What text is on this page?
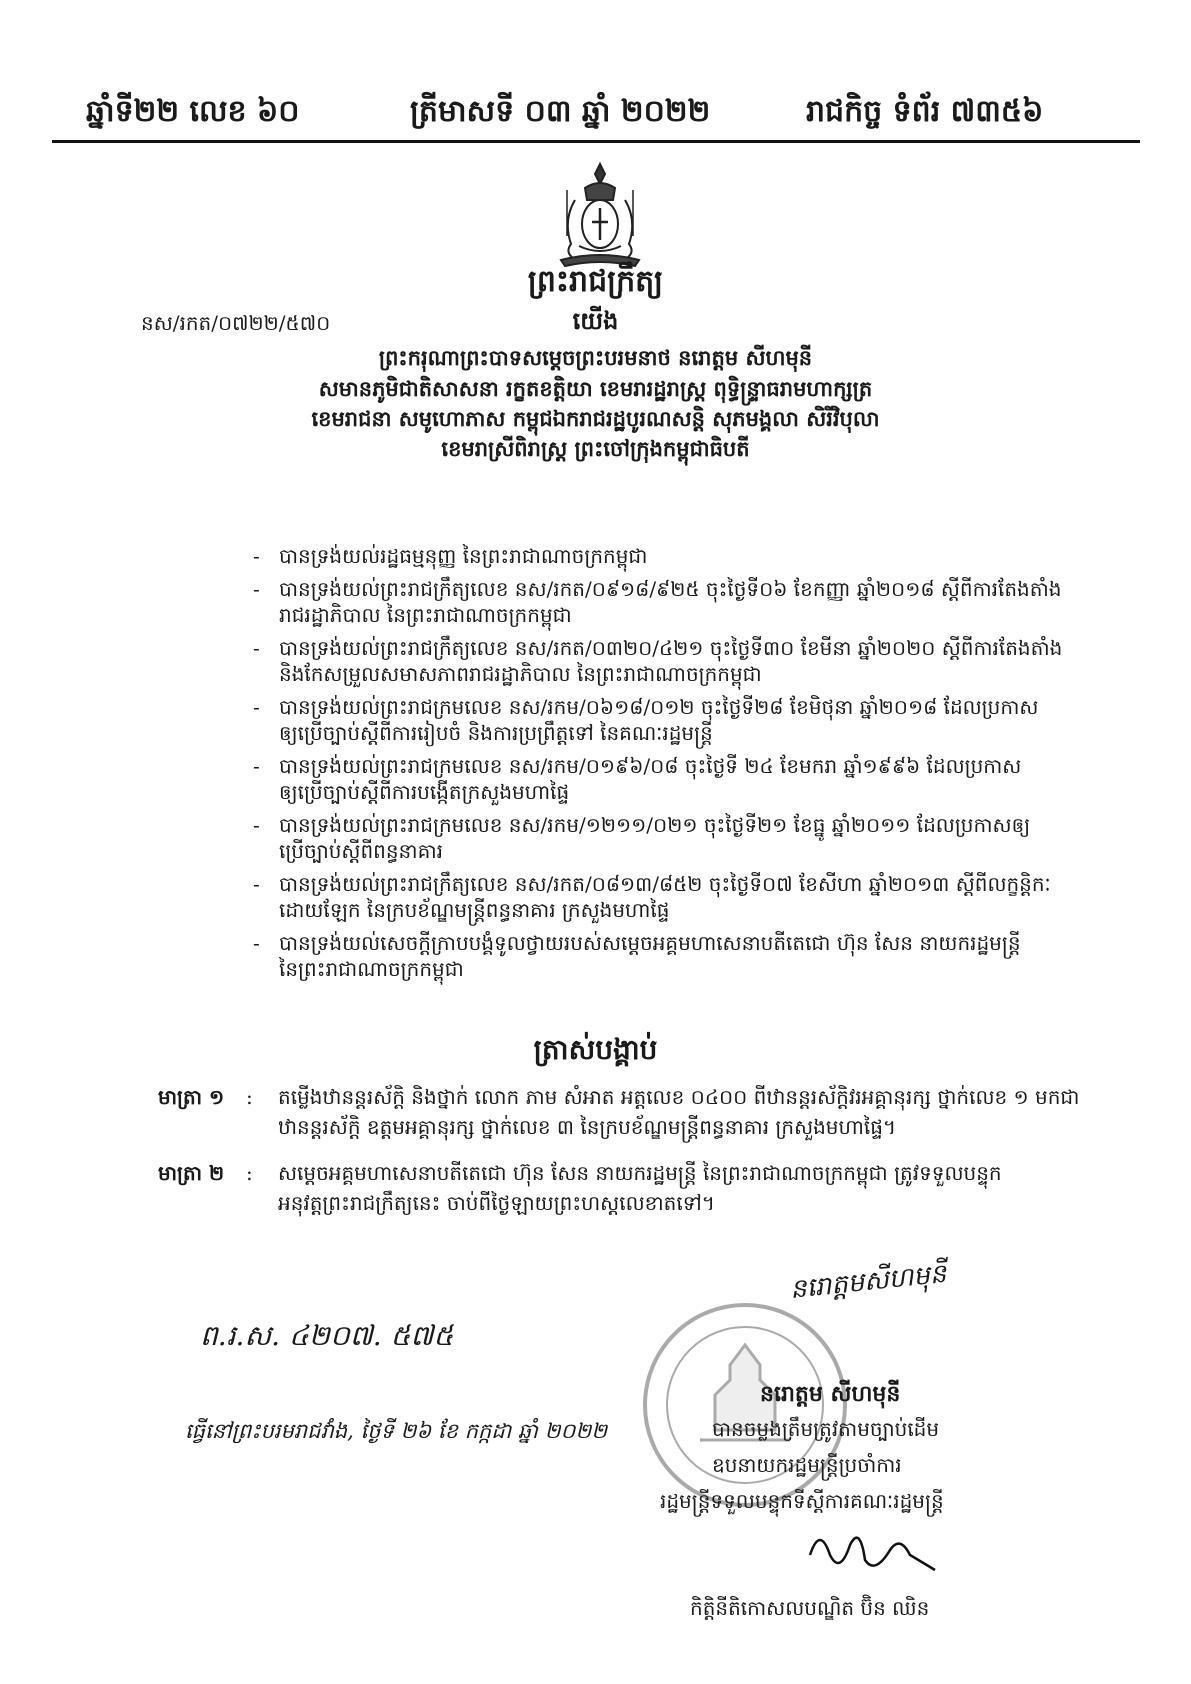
ឆ្នាំទី២២ លេខ ៦០	ត្រីមាសទី ០៣ ឆ្នាំ ២០២២	រាជកិច្ច ទំព័រ ៧៣៥៦
ព្រះរាជក្រឹត្យ
នស/រកត/០៧២២/៥៧០	យើង
ព្រះករុណាព្រះបាទសម្តេចព្រះបរមនាថ នរោត្តម សីហមុនី
សមានភូមិជាតិសាសនា រក្ខតខត្តិយា ខេមរារដ្ឋរាស្ត្រ ពុទ្ធិន្ទ្រាធរាមហាក្សត្រ
ខេមរាជនា សមូហោភាស កម្ពុជឯករាជរដ្ឋបូរណសន្តិ សុភមង្គលា សិរីវិបុលា
ខេមរាស្រីពិរាស្ត្រ ព្រះចៅក្រុងកម្ពុជាធិបតី
- បានទ្រង់យល់រដ្ឋធម្មនុញ្ញ នៃព្រះរាជាណាចក្រកម្ពុជា
- បានទ្រង់យល់ព្រះរាជក្រឹត្យលេខ នស/រកត/០៩១៨/៩២៥ ចុះថ្ងៃទី០៦ ខែកញ្ញា ឆ្នាំ២០១៨ ស្តីពីការតែងតាំង
រាជរដ្ឋាភិបាល នៃព្រះរាជាណាចក្រកម្ពុជា
- បានទ្រង់យល់ព្រះរាជក្រឹត្យលេខ នស/រកត/០៣២០/៤២១ ចុះថ្ងៃទី៣០ ខែមីនា ឆ្នាំ២០២០ ស្តីពីការតែងតាំង
និងកែសម្រួលសមាសភាពរាជរដ្ឋាភិបាល នៃព្រះរាជាណាចក្រកម្ពុជា
- បានទ្រង់យល់ព្រះរាជក្រមលេខ នស/រកម/០៦១៨/០១២ ចុះថ្ងៃទី២៨ ខែមិថុនា ឆ្នាំ២០១៨ ដែលប្រកាស
ឲ្យប្រើច្បាប់ស្តីពីការរៀបចំ និងការប្រព្រឹត្តទៅ នៃគណៈរដ្ឋមន្ត្រី
- បានទ្រង់យល់ព្រះរាជក្រមលេខ នស/រកម/០១៩៦/០៨ ចុះថ្ងៃទី ២៤ ខែមករា ឆ្នាំ១៩៩៦ ដែលប្រកាស
ឲ្យប្រើច្បាប់ស្តីពីការបង្កើតក្រសួងមហាផ្ទៃ
- បានទ្រង់យល់ព្រះរាជក្រមលេខ នស/រកម/១២១១/០២១ ចុះថ្ងៃទី២១ ខែធ្នូ ឆ្នាំ២០១១ ដែលប្រកាសឲ្យ
ប្រើច្បាប់ស្តីពីពន្ធនាគារ
- បានទ្រង់យល់ព្រះរាជក្រឹត្យលេខ នស/រកត/០៨១៣/៨៥២ ចុះថ្ងៃទី០៧ ខែសីហា ឆ្នាំ២០១៣ ស្តីពីលក្ខន្តិកៈ
ដោយឡែក នៃក្របខ័ណ្ឌមន្ត្រីពន្ធនាគារ ក្រសួងមហាផ្ទៃ
- បានទ្រង់យល់សេចក្តីក្រាបបង្គំទូលថ្វាយរបស់សម្តេចអគ្គមហាសេនាបតីតេជោ ហ៊ុន សែន នាយករដ្ឋមន្ត្រី
នៃព្រះរាជាណាចក្រកម្ពុជា
ត្រាស់បង្គាប់
មាត្រា ១ : តម្លើងឋានន្តរស័ក្តិ និងថ្នាក់ លោក ភាម សំអាត អត្តលេខ ០៤០០ ពីឋានន្តរស័ក្តិវរអគ្គានុរក្ស ថ្នាក់លេខ ១ មកជា
ឋានន្តរស័ក្តិ ឧត្តមអគ្គានុរក្ស ថ្នាក់លេខ ៣ នៃក្របខ័ណ្ឌមន្ត្រីពន្ធនាគារ ក្រសួងមហាផ្ទៃ។
មាត្រា ២ : សម្តេចអគ្គមហាសេនាបតីតេជោ ហ៊ុន សែន នាយករដ្ឋមន្ត្រី នៃព្រះរាជាណាចក្រកម្ពុជា ត្រូវទទួលបន្ទុក
អនុវត្តព្រះរាជក្រឹត្យនេះ ចាប់ពីថ្ងៃឡាយព្រះហស្តលេខាតទៅ។
ព.រ.ស. ៤២០៧. ៥៧៥
នរោត្តមសីហមុនី
ធ្វើនៅព្រះបរមរាជវាំង, ថ្ងៃទី ២៦ ខែ កក្កដា ឆ្នាំ ២០២២
នរោត្តម សីហមុនី
បានចម្លងត្រឹមត្រូវតាមច្បាប់ដើម
ឧបនាយករដ្ឋមន្ត្រីប្រចាំការ
រដ្ឋមន្ត្រីទទួលបន្ទុកទីស្តីការគណៈរដ្ឋមន្ត្រី
កិត្តិនីតិកោសលបណ្ឌិត ប៊ិន ឈិន
